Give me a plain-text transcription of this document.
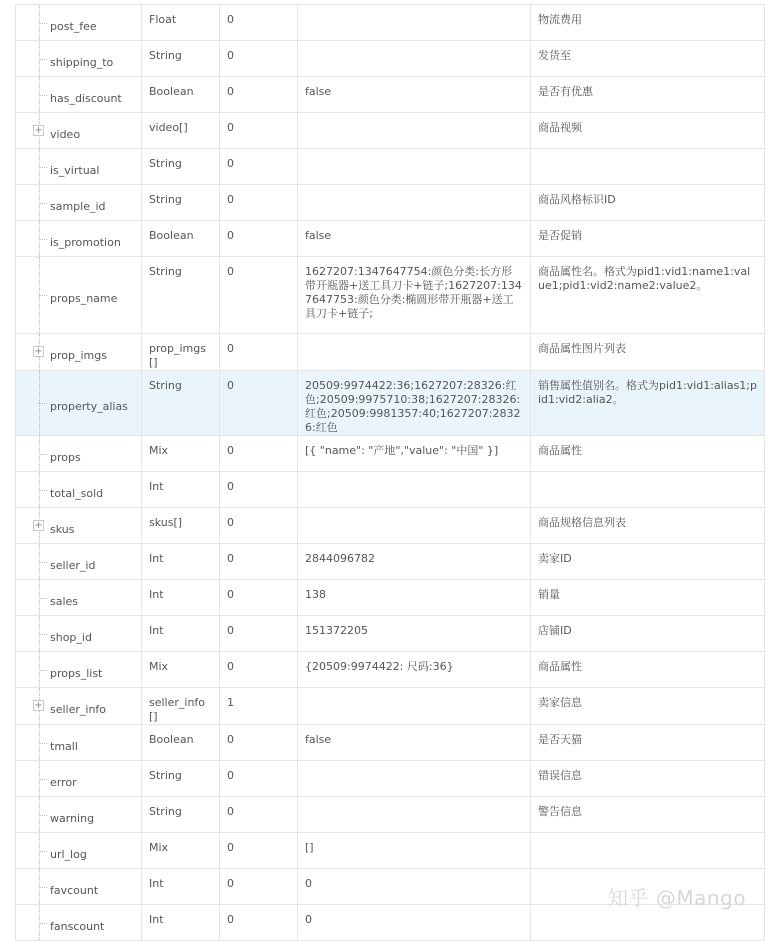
post_fee	Float	0		物流费用

shipping_to	String	0		发货至

has_discount	Boolean	0	false	是否有优惠

+ video	video[]	0		商品视频

is_virtual	String	0		

sample_id	String	0		商品风格标识ID

is_promotion	Boolean	0	false	是否促销

props_name	String	0	1627207:1347647754:颜色分类:长方形带开瓶器+送工具刀卡+链子;1627207:1347647753:颜色分类:椭圆形带开瓶器+送工具刀卡+链子;	商品属性名。格式为pid1:vid1:name1:value1;pid1:vid2:name2:value2。

+ prop_imgs	prop_imgs[]	0		商品属性图片列表

property_alias	String	0	20509:9974422:36;1627207:28326:红色;20509:9975710:38;1627207:28326:红色;20509:9981357:40;1627207:28326:红色	销售属性值别名。格式为pid1:vid1:alias1;pid1:vid2:alia2。

props	Mix	0	[{ "name": "产地","value": "中国" }]	商品属性

total_sold	Int	0		

+ skus	skus[]	0		商品规格信息列表

seller_id	Int	0	2844096782	卖家ID

sales	Int	0	138	销量

shop_id	Int	0	151372205	店铺ID

props_list	Mix	0	{20509:9974422: 尺码:36}	商品属性

+ seller_info	seller_info[]	1		卖家信息

tmall	Boolean	0	false	是否天猫

error	String	0		错误信息

warning	String	0		警告信息

url_log	Mix	0	[]	

favcount	Int	0	0	

fanscount	Int	0	0	
知乎 @Mango
